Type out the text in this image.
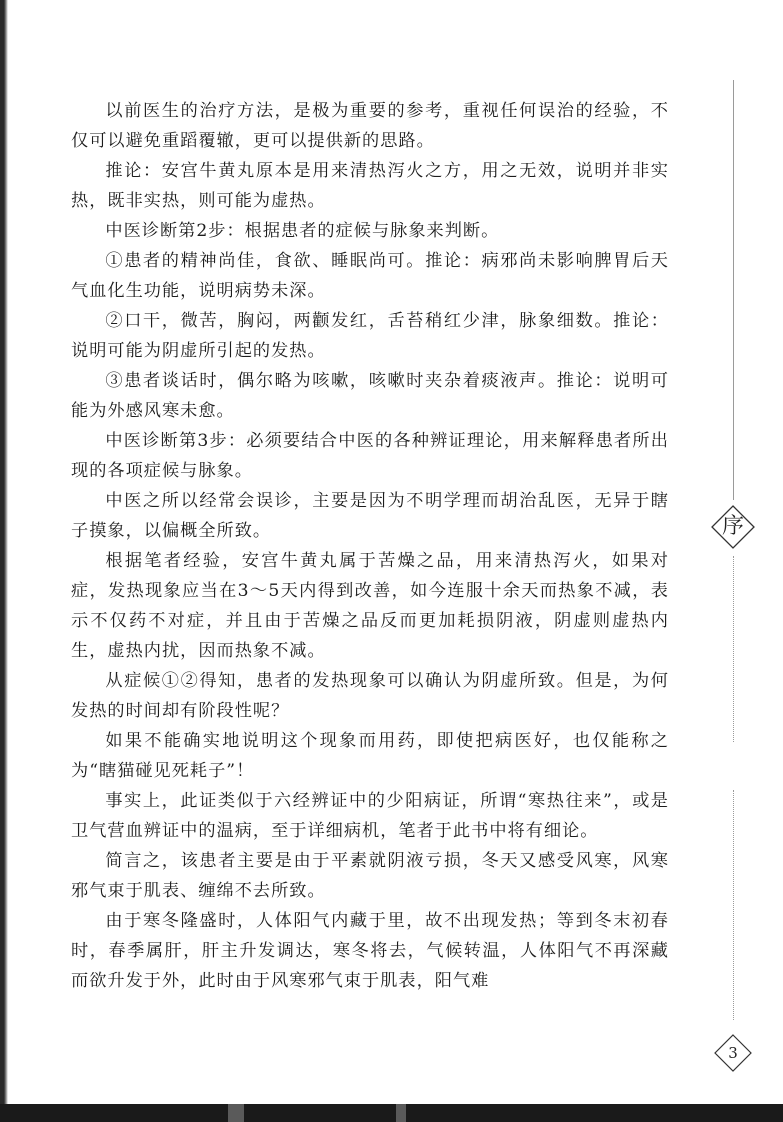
以前医生的治疗方法，是极为重要的参考，重视任何误治的经验，不仅可以避免重蹈覆辙，更可以提供新的思路。

推论：安宫牛黄丸原本是用来清热泻火之方，用之无效，说明并非实热，既非实热，则可能为虚热。

中医诊断第2步：根据患者的症候与脉象来判断。

①患者的精神尚佳，食欲、睡眠尚可。推论：病邪尚未影响脾胃后天气血化生功能，说明病势未深。

②口干，微苦，胸闷，两颧发红，舌苔稍红少津，脉象细数。推论：说明可能为阴虚所引起的发热。

③患者谈话时，偶尔略为咳嗽，咳嗽时夹杂着痰液声。推论：说明可能为外感风寒未愈。

中医诊断第3步：必须要结合中医的各种辨证理论，用来解释患者所出现的各项症候与脉象。

中医之所以经常会误诊，主要是因为不明学理而胡治乱医，无异于瞎子摸象，以偏概全所致。

根据笔者经验，安宫牛黄丸属于苦燥之品，用来清热泻火，如果对症，发热现象应当在3～5天内得到改善，如今连服十余天而热象不减，表示不仅药不对症，并且由于苦燥之品反而更加耗损阴液，阴虚则虚热内生，虚热内扰，因而热象不减。

从症候①②得知，患者的发热现象可以确认为阴虚所致。但是，为何发热的时间却有阶段性呢？

如果不能确实地说明这个现象而用药，即使把病医好，也仅能称之为“瞎猫碰见死耗子”！

事实上，此证类似于六经辨证中的少阳病证，所谓“寒热往来”，或是卫气营血辨证中的温病，至于详细病机，笔者于此书中将有细论。

简言之，该患者主要是由于平素就阴液亏损，冬天又感受风寒，风寒邪气束于肌表、缠绵不去所致。

由于寒冬隆盛时，人体阳气内藏于里，故不出现发热；等到冬末初春时，春季属肝，肝主升发调达，寒冬将去，气候转温，人体阳气不再深藏而欲升发于外，此时由于风寒邪气束于肌表，阳气难

序
3
